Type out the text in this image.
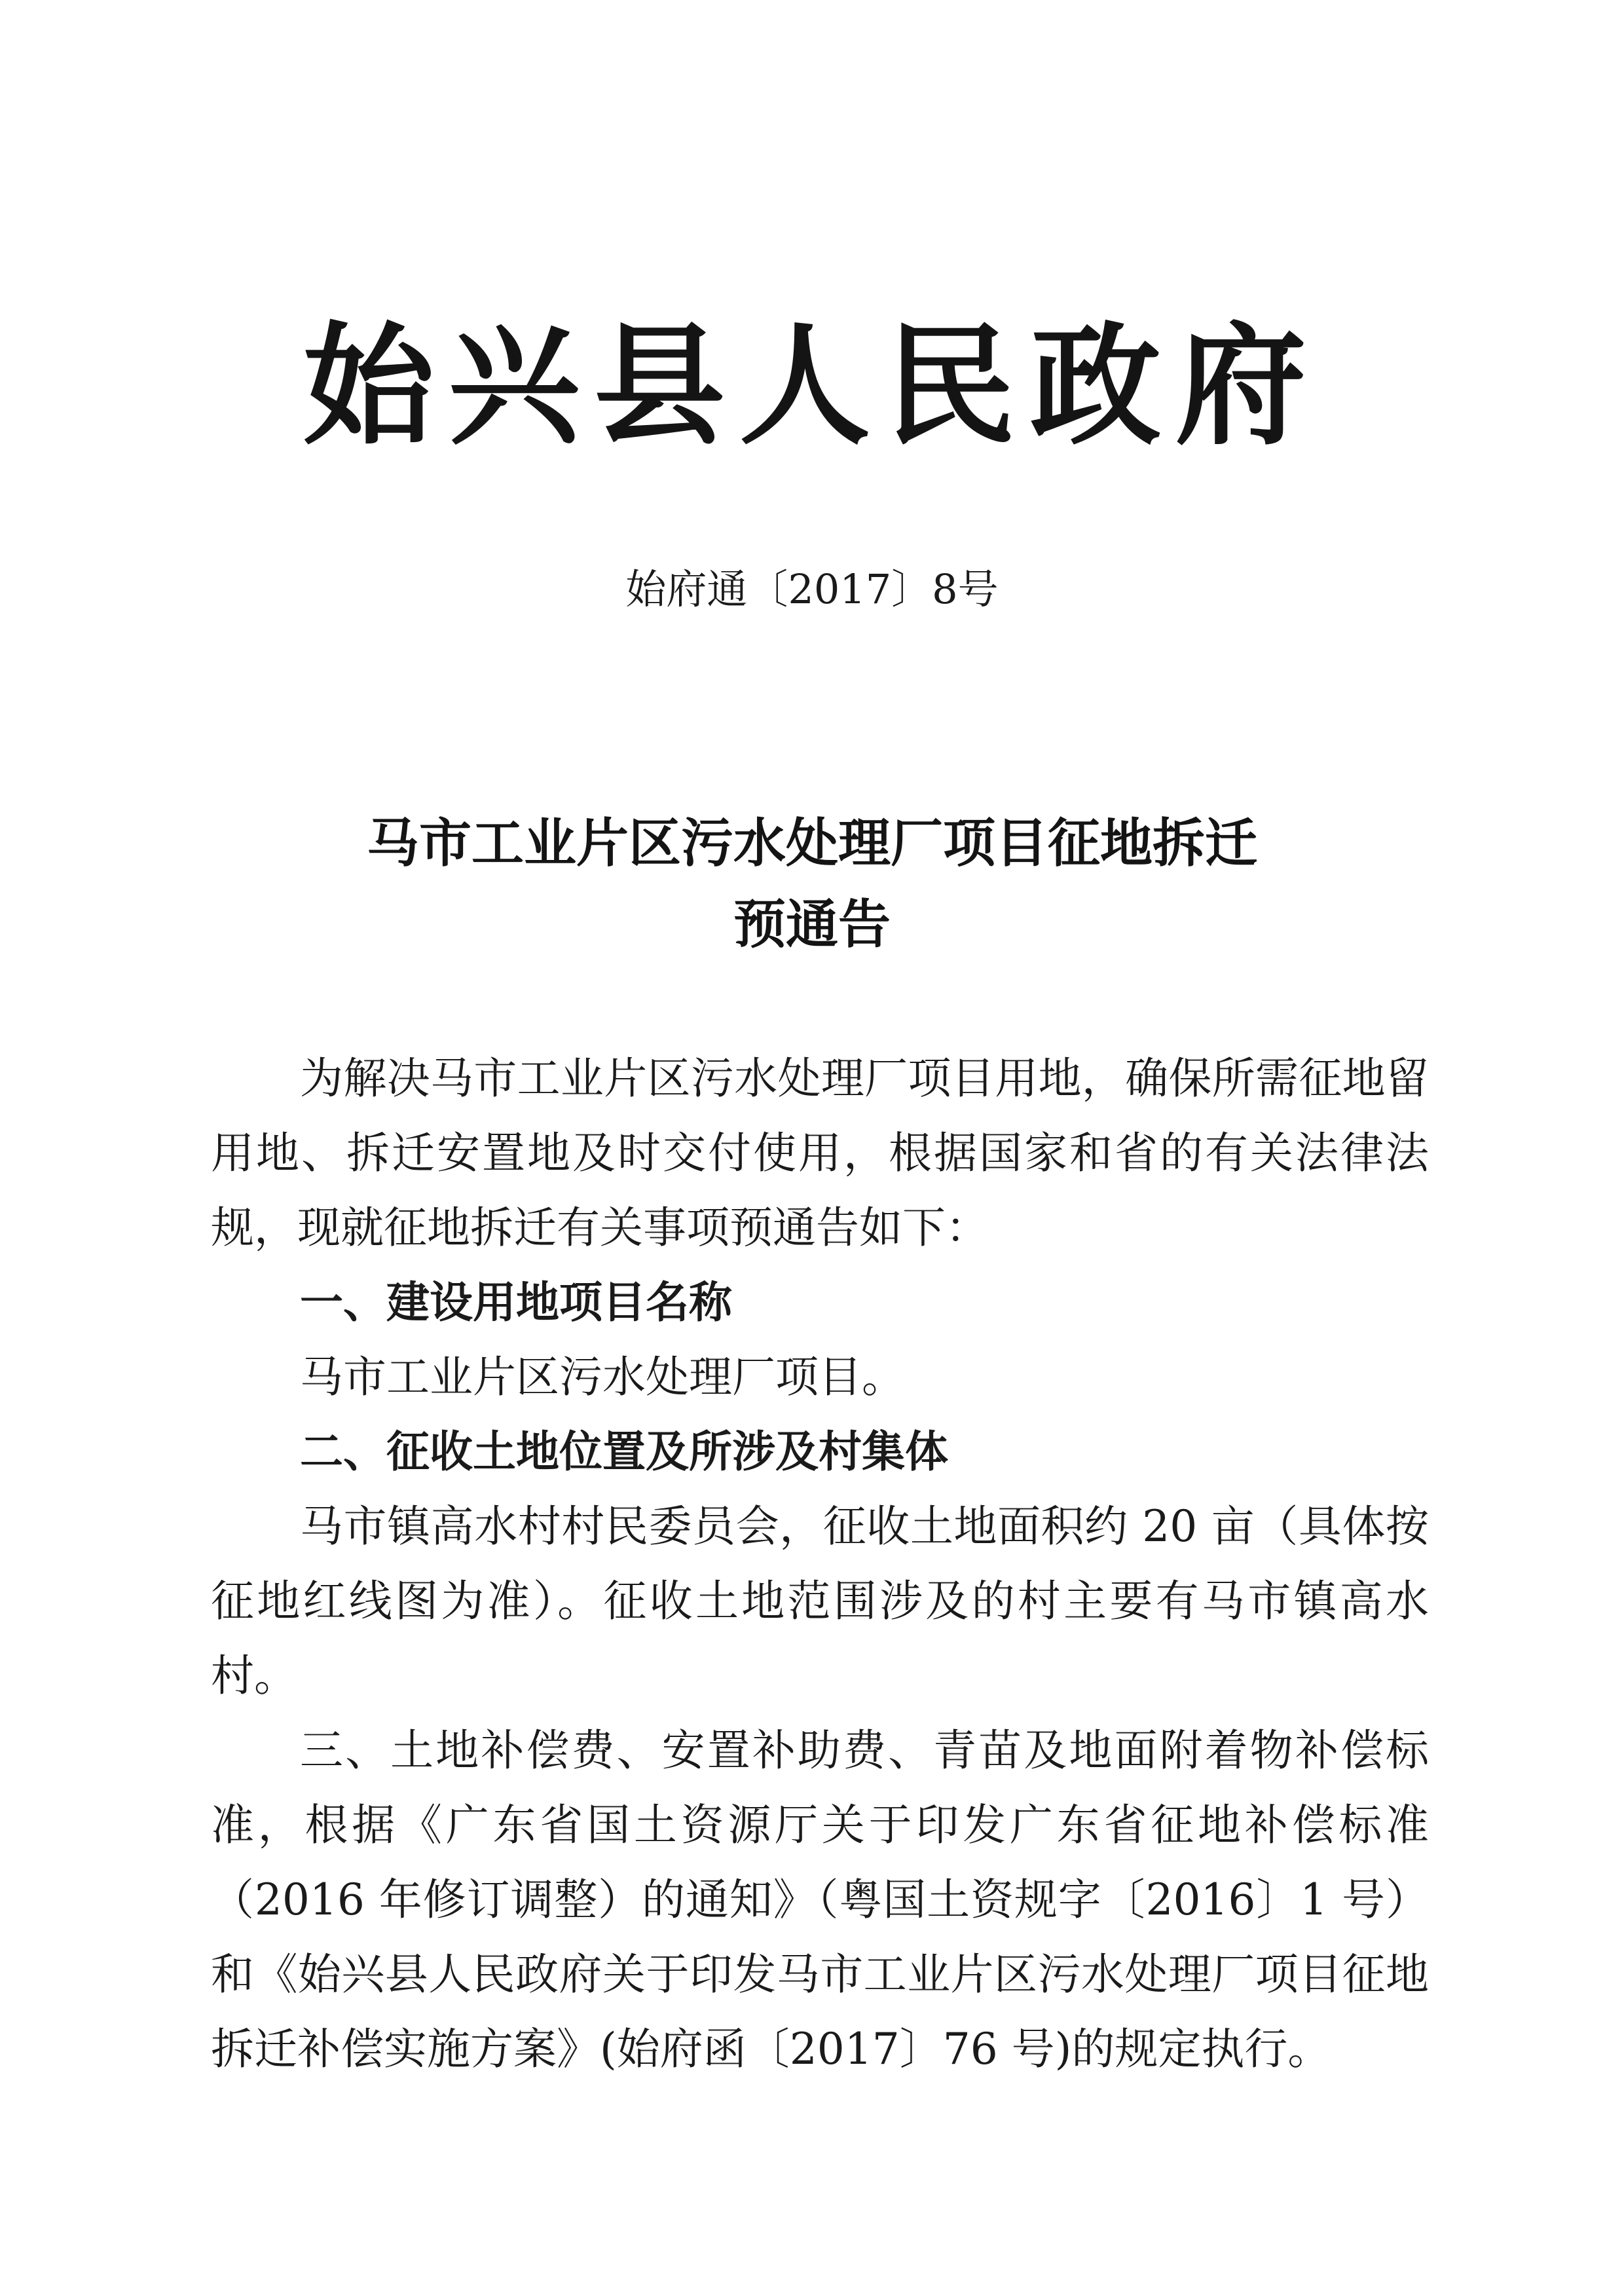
始兴县人民政府
始府通〔2017〕8号
马市工业片区污水处理厂项目征地拆迁
预通告

为解决马市工业片区污水处理厂项目用地，确保所需征地留用地、拆迁安置地及时交付使用，根据国家和省的有关法律法规，现就征地拆迁有关事项预通告如下：

一、建设用地项目名称

马市工业片区污水处理厂项目。

二、征收土地位置及所涉及村集体

马市镇高水村村民委员会，征收土地面积约 20 亩（具体按征地红线图为准）。征收土地范围涉及的村主要有马市镇高水村。

三、土地补偿费、安置补助费、青苗及地面附着物补偿标准，根据《广东省国土资源厅关于印发广东省征地补偿标准（2016 年修订调整）的通知》（粤国土资规字〔2016〕1 号）和《始兴县人民政府关于印发马市工业片区污水处理厂项目征地拆迁补偿实施方案》(始府函〔2017〕76 号)的规定执行。
